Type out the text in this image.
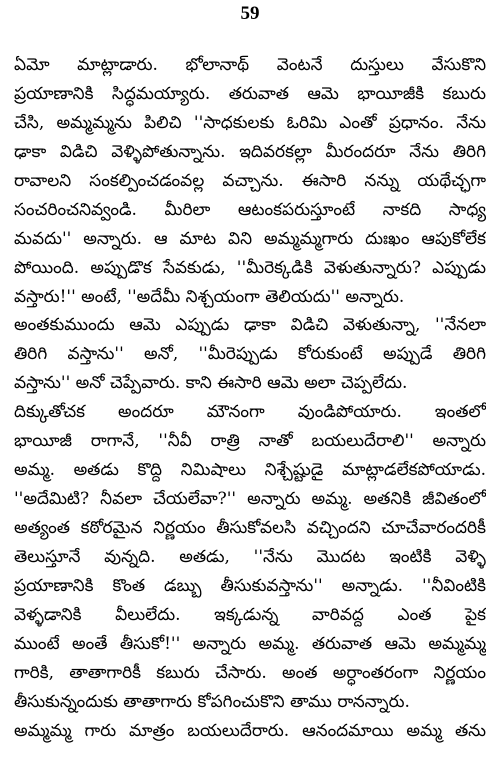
59
ఏమో మాట్లాడారు. భోలానాథ్ వెంటనే దుస్తులు వేసుకొని
ప్రయాణానికి సిద్ధమయ్యారు. తరువాత ఆమె భాయీజీకి కబురు
చేసి, అమ్మమ్మను పిలిచి ''సాధకులకు ఓరిమి ఎంతో ప్రధానం. నేను
ఢాకా విడిచి వెళ్ళిపోతున్నాను. ఇదివరకల్లా మీరందరూ నేను తిరిగి
రావాలని సంకల్పించడంవల్ల వచ్చాను. ఈసారి నన్ను యథేచ్ఛగా
సంచరించనివ్వండి. మీరిలా ఆటంకపరుస్తూంటే నాకది సాధ్య
మవదు'' అన్నారు. ఆ మాట విని అమ్మమ్మగారు దుఃఖం ఆపుకోలేక
పోయింది. అప్పుడొక సేవకుడు, ''మీరెక్కడికి వెళుతున్నారు? ఎప్పుడు
వస్తారు!'' అంటే, ''అదేమీ నిశ్చయంగా తెలియదు'' అన్నారు.
అంతకుముందు ఆమె ఎప్పుడు ఢాకా విడిచి వెళుతున్నా, ''నేనలా
తిరిగి వస్తాను'' అనో, ''మీరెప్పుడు కోరుకుంటే అప్పుడే తిరిగి
వస్తాను'' అనో చెప్పేవారు. కాని ఈసారి ఆమె అలా చెప్పలేదు.
దిక్కుతోచక అందరూ మౌనంగా వుండిపోయారు. ఇంతలో
భాయీజీ రాగానే, ''నీవీ రాత్రి నాతో బయలుదేరాలి'' అన్నారు
అమ్మ. అతడు కొద్ది నిమిషాలు నిశ్చేష్టుడై మాట్లాడలేకపోయాడు.
''అదేమిటి? నీవలా చేయలేవా?'' అన్నారు అమ్మ. అతనికి జీవితంలో
అత్యంత కఠోరమైన నిర్ణయం తీసుకోవలసి వచ్చిందని చూచేవారందరికీ
తెలుస్తూనే వున్నది. అతడు, ''నేను మొదట ఇంటికి వెళ్ళి
ప్రయాణానికి కొంత డబ్బు తీసుకువస్తాను'' అన్నాడు. ''నీవింటికి
వెళ్ళడానికి వీలులేదు. ఇక్కడున్న వారివద్ద ఎంత పైక
ముంటే అంతే తీసుకో!'' అన్నారు అమ్మ. తరువాత ఆమె అమ్మమ్మ
గారికి, తాతాగారికీ కబురు చేసారు. అంత అర్ధాంతరంగా నిర్ణయం
తీసుకున్నందుకు తాతాగారు కోపగించుకొని తాము రానన్నారు.
అమ్మమ్మ గారు మాత్రం బయలుదేరారు. ఆనందమాయి అమ్మ తను
